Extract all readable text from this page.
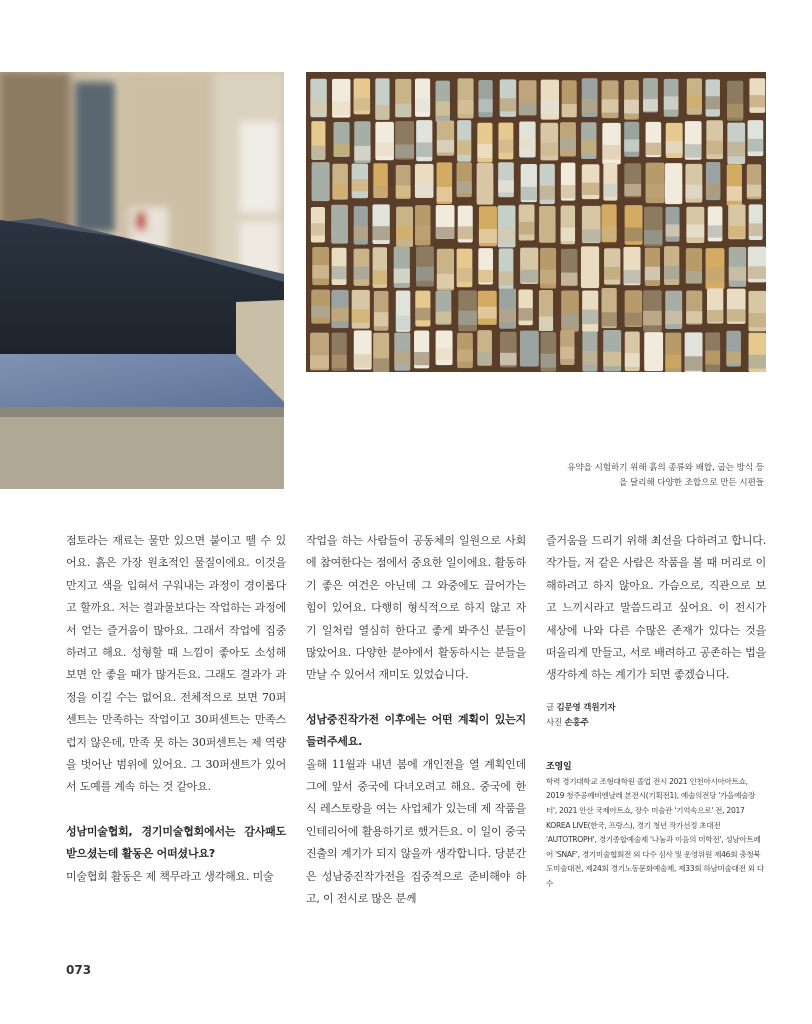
유약을 시험하기 위해 흙의 종류와 배합, 굽는 방식 등
을 달리해 다양한 조합으로 만든 시편들

점토라는 재료는 물만 있으면 붙이고 뗄 수 있어요. 흙은 가장 원초적인 물질이에요. 이것을 만지고 색을 입혀서 구워내는 과정이 경이롭다고 할까요. 저는 결과물보다는 작업하는 과정에서 얻는 즐거움이 많아요. 그래서 작업에 집중하려고 해요. 성형할 때 느낌이 좋아도 소성해보면 안 좋을 때가 많거든요. 그래도 결과가 과정을 이길 수는 없어요. 전체적으로 보면 70퍼센트는 만족하는 작업이고 30퍼센트는 만족스럽지 않은데, 만족 못 하는 30퍼센트는 제 역량을 벗어난 범위에 있어요. 그 30퍼센트가 있어서 도예를 계속 하는 것 같아요.

성남미술협회, 경기미술협회에서는 감사패도 받으셨는데 활동은 어떠셨나요?

미술협회 활동은 제 책무라고 생각해요. 미술

작업을 하는 사람들이 공동체의 일원으로 사회에 참여한다는 점에서 중요한 일이에요. 활동하기 좋은 여건은 아닌데 그 와중에도 끌어가는 힘이 있어요. 다행히 형식적으로 하지 않고 자기 일처럼 열심히 한다고 좋게 봐주신 분들이 많았어요. 다양한 분야에서 활동하시는 분들을 만날 수 있어서 재미도 있었습니다.

성남중진작가전 이후에는 어떤 계획이 있는지 들려주세요.

올해 11월과 내년 봄에 개인전을 열 계획인데 그에 앞서 중국에 다녀오려고 해요. 중국에 한식 레스토랑을 여는 사업체가 있는데 제 작품을 인테리어에 활용하기로 했거든요. 이 일이 중국 진출의 계기가 되지 않을까 생각합니다. 당분간은 성남중진작가전을 집중적으로 준비해야 하고, 이 전시로 많은 분께

즐거움을 드리기 위해 최선을 다하려고 합니다. 작가들, 저 같은 사람은 작품을 볼 때 머리로 이해하려고 하지 않아요. 가슴으로, 직관으로 보고 느끼시라고 말씀드리고 싶어요. 이 전시가 세상에 나와 다른 수많은 존재가 있다는 것을 떠올리게 만들고, 서로 배려하고 공존하는 법을 생각하게 하는 계기가 되면 좋겠습니다.

글 김문영 객원기자
사진 손홍주
조영일
학력 경기대학교 조형대학원 졸업 전시 2021 인천아시아아트쇼, 2019 청주공예비엔날레 본전시(기획전1), 예술의전당 '가을예술장터', 2021 안산 국제아트쇼, 장수 미술관 '기억속으로' 전, 2017 KOREA LIVE(한국, 프랑스), 경기 청년 작가선정 초대전 'AUTOTROPH', 경기종합예술제 '나눔과 이음의 미학전', 성남아트페어 'SNAF', 경기미술협회전 외 다수 심사 및 운영위원 제46회 충청북도미술대전, 제24회 경기노동문화예술제, 제33회 하남미술대전 외 다수
073
